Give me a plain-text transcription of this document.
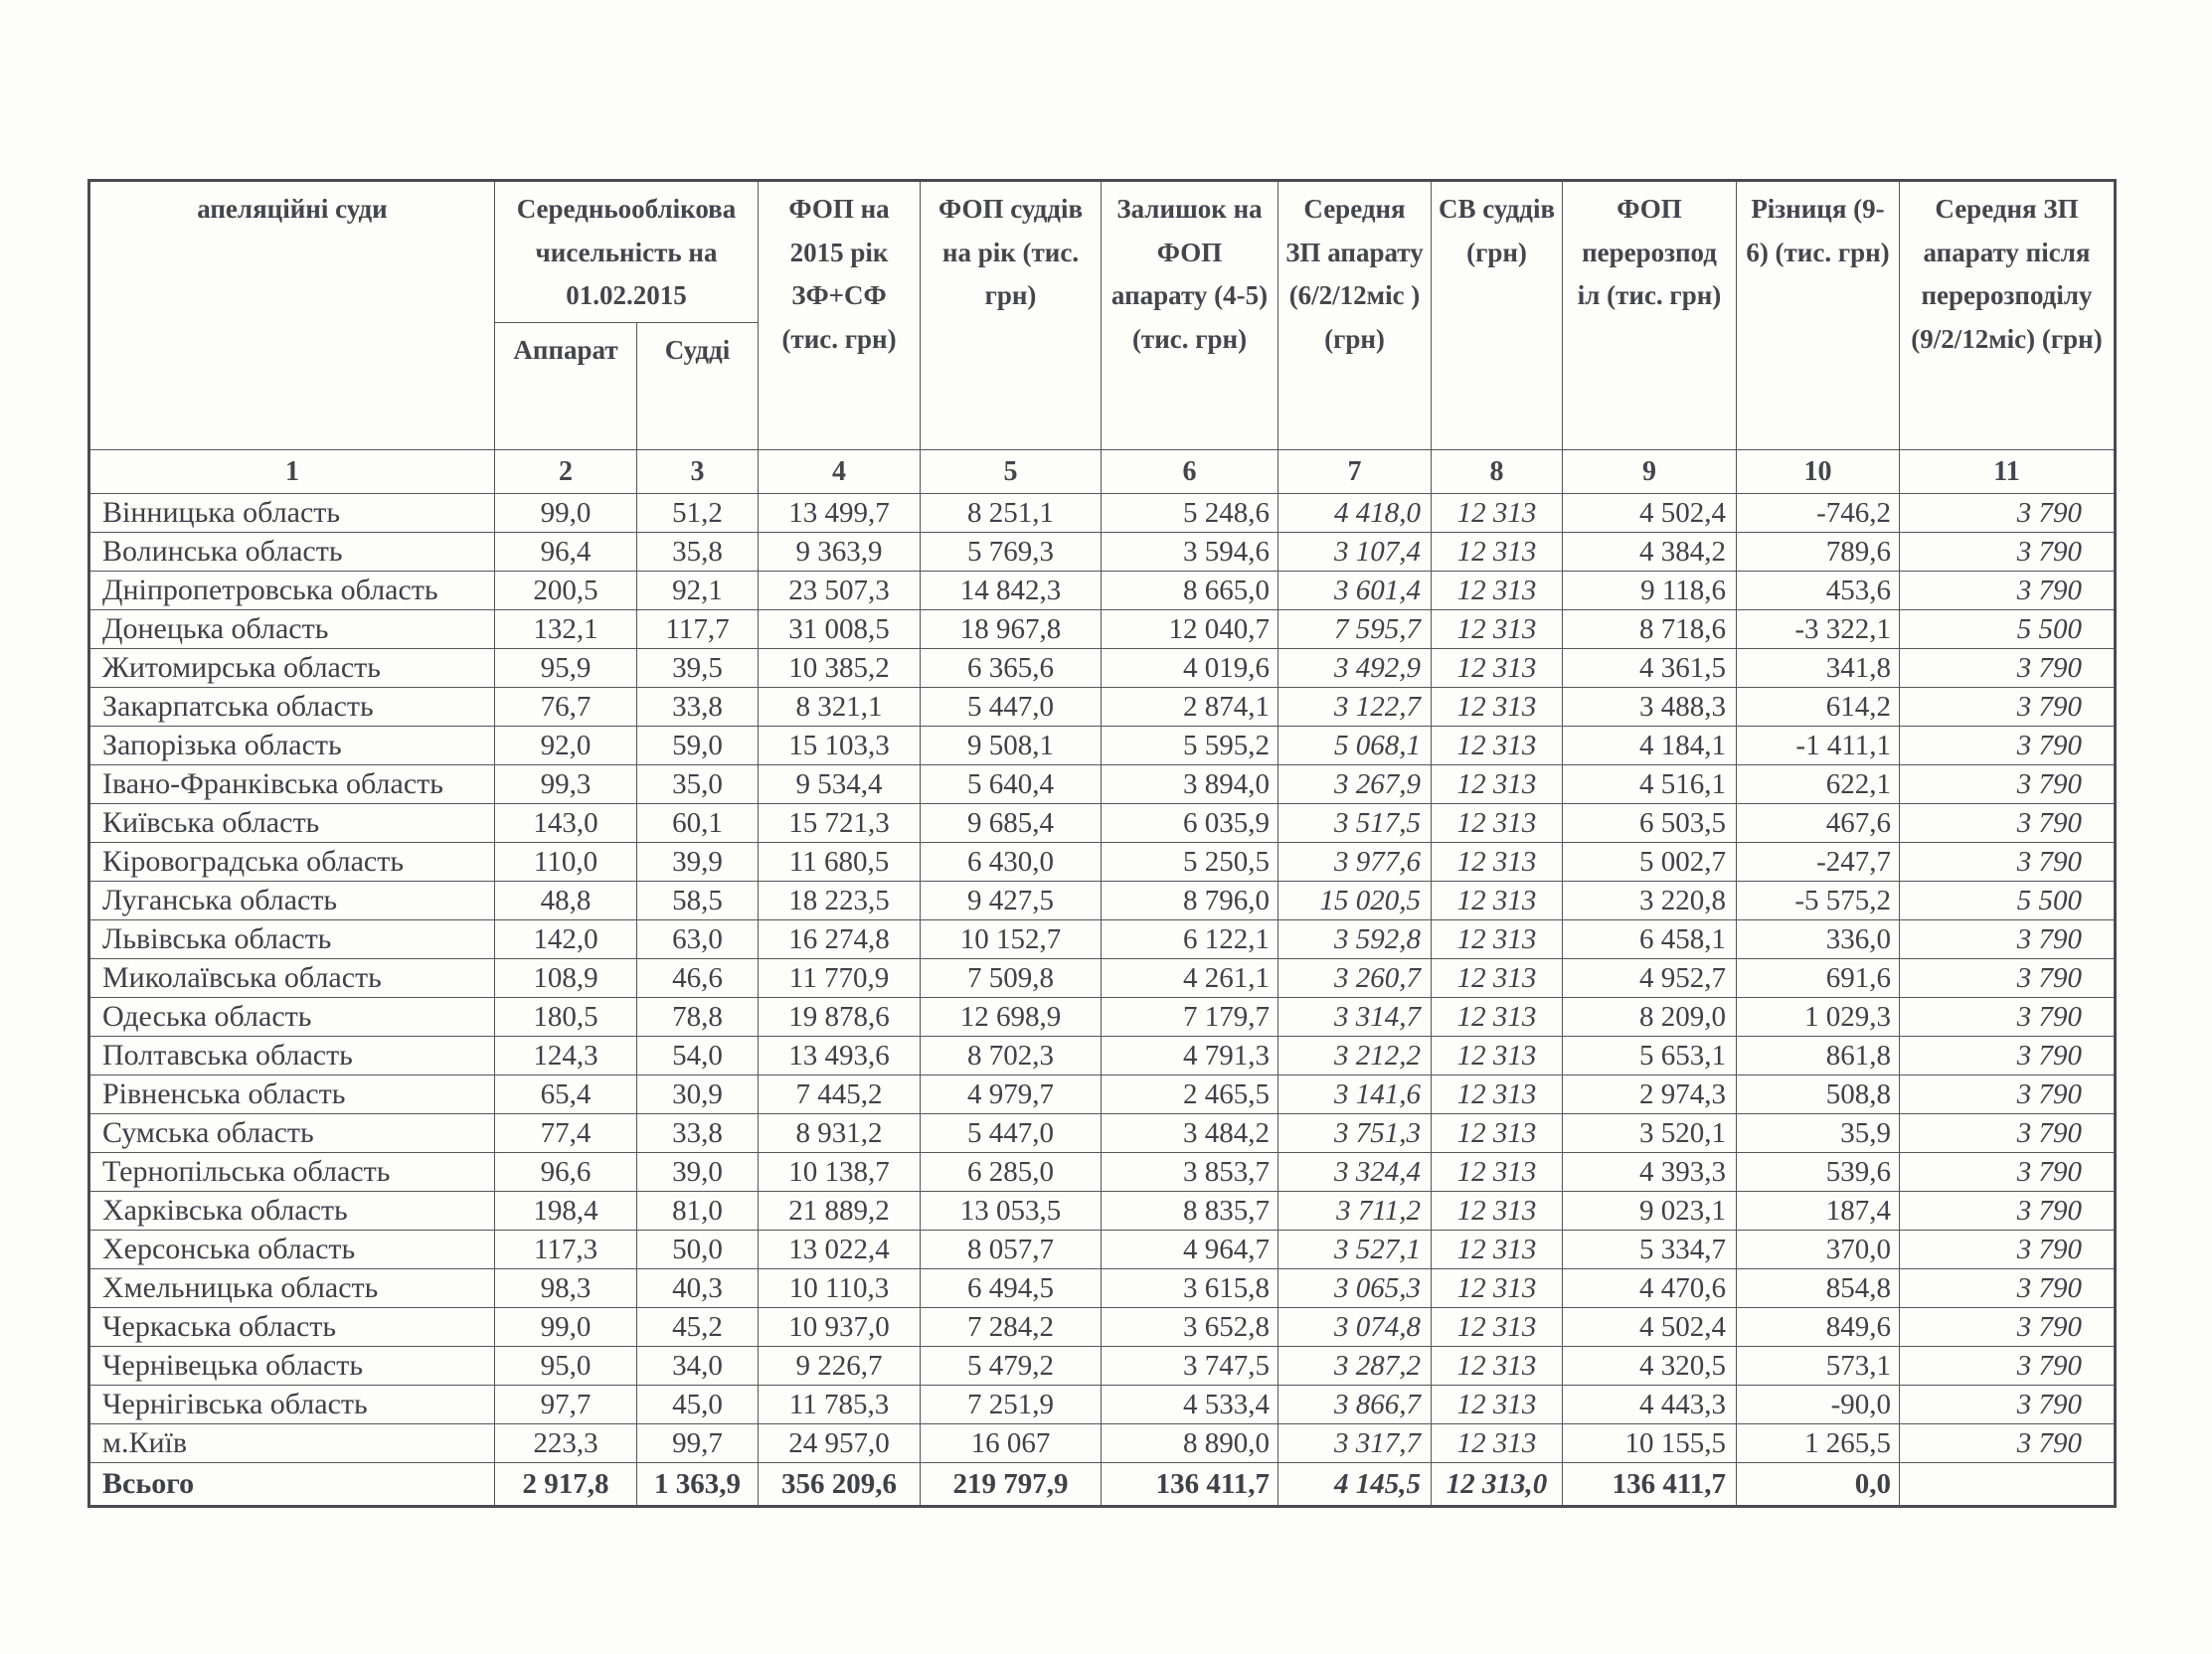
апеляційні суди	Середньооблікова чисельність на 01.02.2015		ФОП на 2015 рік ЗФ+СФ (тис. грн)	ФОП суддів на рік (тис. грн)	Залишок на ФОП апарату (4-5) (тис. грн)	Середня ЗП апарату (6/2/12міс ) (грн)	СВ суддів (грн)	ФОП перерозпод іл (тис. грн)	Різниця (9-6) (тис. грн)	Середня ЗП апарату після перерозподілу (9/2/12міс) (грн)
	Аппарат	Судді								
1	2	3	4	5	6	7	8	9	10	11
Вінницька область	99,0	51,2	13 499,7	8 251,1	5 248,6	4 418,0	12 313	4 502,4	-746,2	3 790
Волинська область	96,4	35,8	9 363,9	5 769,3	3 594,6	3 107,4	12 313	4 384,2	789,6	3 790
Дніпропетровська область	200,5	92,1	23 507,3	14 842,3	8 665,0	3 601,4	12 313	9 118,6	453,6	3 790
Донецька область	132,1	117,7	31 008,5	18 967,8	12 040,7	7 595,7	12 313	8 718,6	-3 322,1	5 500
Житомирська область	95,9	39,5	10 385,2	6 365,6	4 019,6	3 492,9	12 313	4 361,5	341,8	3 790
Закарпатська область	76,7	33,8	8 321,1	5 447,0	2 874,1	3 122,7	12 313	3 488,3	614,2	3 790
Запорізька область	92,0	59,0	15 103,3	9 508,1	5 595,2	5 068,1	12 313	4 184,1	-1 411,1	3 790
Івано-Франківська область	99,3	35,0	9 534,4	5 640,4	3 894,0	3 267,9	12 313	4 516,1	622,1	3 790
Київська область	143,0	60,1	15 721,3	9 685,4	6 035,9	3 517,5	12 313	6 503,5	467,6	3 790
Кіровоградська область	110,0	39,9	11 680,5	6 430,0	5 250,5	3 977,6	12 313	5 002,7	-247,7	3 790
Луганська область	48,8	58,5	18 223,5	9 427,5	8 796,0	15 020,5	12 313	3 220,8	-5 575,2	5 500
Львівська область	142,0	63,0	16 274,8	10 152,7	6 122,1	3 592,8	12 313	6 458,1	336,0	3 790
Миколаївська область	108,9	46,6	11 770,9	7 509,8	4 261,1	3 260,7	12 313	4 952,7	691,6	3 790
Одеська область	180,5	78,8	19 878,6	12 698,9	7 179,7	3 314,7	12 313	8 209,0	1 029,3	3 790
Полтавська область	124,3	54,0	13 493,6	8 702,3	4 791,3	3 212,2	12 313	5 653,1	861,8	3 790
Рівненська область	65,4	30,9	7 445,2	4 979,7	2 465,5	3 141,6	12 313	2 974,3	508,8	3 790
Сумська область	77,4	33,8	8 931,2	5 447,0	3 484,2	3 751,3	12 313	3 520,1	35,9	3 790
Тернопільська область	96,6	39,0	10 138,7	6 285,0	3 853,7	3 324,4	12 313	4 393,3	539,6	3 790
Харківська область	198,4	81,0	21 889,2	13 053,5	8 835,7	3 711,2	12 313	9 023,1	187,4	3 790
Херсонська область	117,3	50,0	13 022,4	8 057,7	4 964,7	3 527,1	12 313	5 334,7	370,0	3 790
Хмельницька область	98,3	40,3	10 110,3	6 494,5	3 615,8	3 065,3	12 313	4 470,6	854,8	3 790
Черкаська область	99,0	45,2	10 937,0	7 284,2	3 652,8	3 074,8	12 313	4 502,4	849,6	3 790
Чернівецька область	95,0	34,0	9 226,7	5 479,2	3 747,5	3 287,2	12 313	4 320,5	573,1	3 790
Чернігівська область	97,7	45,0	11 785,3	7 251,9	4 533,4	3 866,7	12 313	4 443,3	-90,0	3 790
м.Київ	223,3	99,7	24 957,0	16 067	8 890,0	3 317,7	12 313	10 155,5	1 265,5	3 790
Всього	2 917,8	1 363,9	356 209,6	219 797,9	136 411,7	4 145,5	12 313,0	136 411,7	0,0	
